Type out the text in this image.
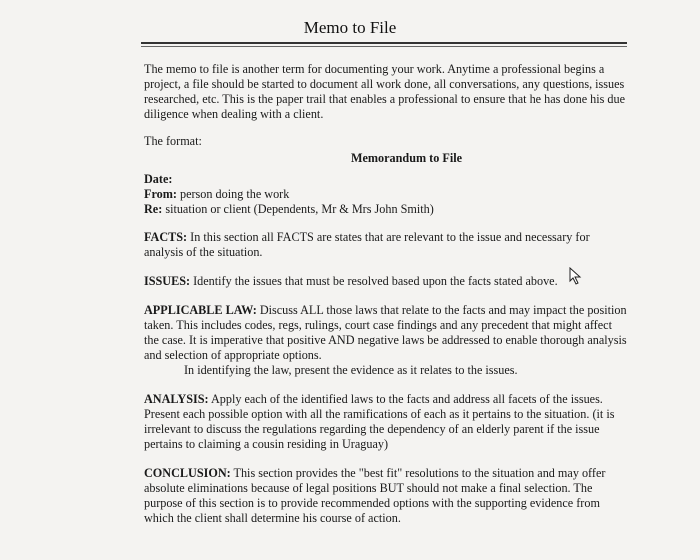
Memo to File

The memo to file is another term for documenting your work. Anytime a professional begins a project, a file should be started to document all work done, all conversations, any questions, issues researched, etc. This is the paper trail that enables a professional to ensure that he has done his due diligence when dealing with a client.

The format:

Memorandum to File

Date:

From: person doing the work

Re: situation or client (Dependents, Mr & Mrs John Smith)

FACTS: In this section all FACTS are states that are relevant to the issue and necessary for analysis of the situation.

ISSUES: Identify the issues that must be resolved based upon the facts stated above.

APPLICABLE LAW: Discuss ALL those laws that relate to the facts and may impact the position taken. This includes codes, regs, rulings, court case findings and any precedent that might affect the case. It is imperative that positive AND negative laws be addressed to enable thorough analysis and selection of appropriate options.

In identifying the law, present the evidence as it relates to the issues.

ANALYSIS: Apply each of the identified laws to the facts and address all facets of the issues. Present each possible option with all the ramifications of each as it pertains to the situation. (it is irrelevant to discuss the regulations regarding the dependency of an elderly parent if the issue pertains to claiming a cousin residing in Uraguay)

CONCLUSION: This section provides the "best fit" resolutions to the situation and may offer absolute eliminations because of legal positions BUT should not make a final selection. The purpose of this section is to provide recommended options with the supporting evidence from which the client shall determine his course of action.
